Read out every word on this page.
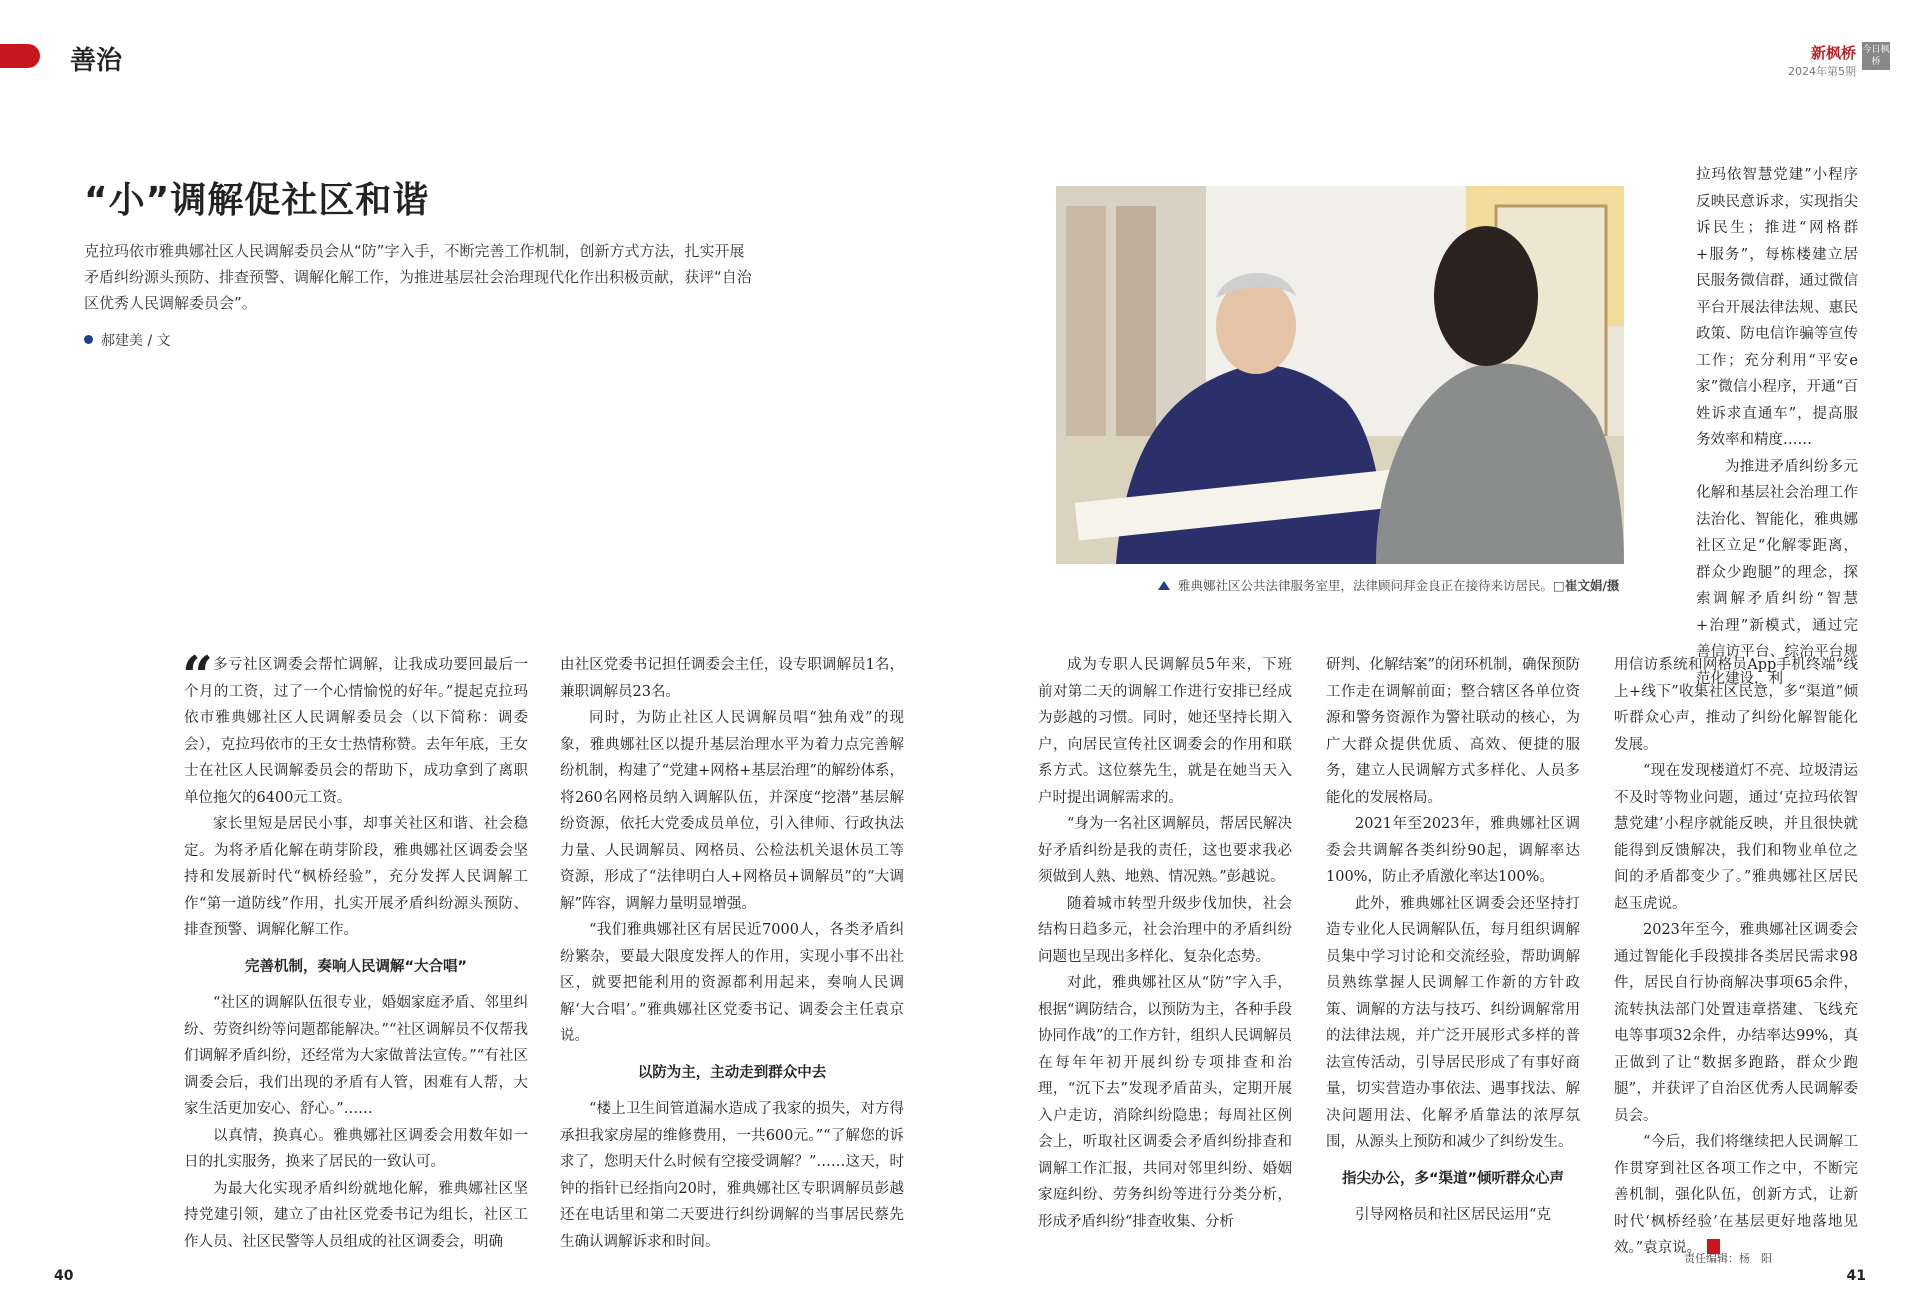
善治	新枫桥
2024年第5期
今日枫桥
“小”调解促社区和谐
克拉玛依市雅典娜社区人民调解委员会从“防”字入手，不断完善工作机制，创新方式方法，扎实开展矛盾纠纷源头预防、排查预警、调解化解工作，为推进基层社会治理现代化作出积极贡献，获评“自治区优秀人民调解委员会”。
郝建美 / 文
雅典娜社区公共法律服务室里，法律顾问拜金良正在接待来访居民。□崔文娟/摄
“ 多亏社区调委会帮忙调解，让我成功要回最后一个月的工资，过了一个心情愉悦的好年。”提起克拉玛依市雅典娜社区人民调解委员会（以下简称：调委会），克拉玛依市的王女士热情称赞。去年年底，王女士在社区人民调解委员会的帮助下，成功拿到了离职单位拖欠的6400元工资。

家长里短是居民小事，却事关社区和谐、社会稳定。为将矛盾化解在萌芽阶段，雅典娜社区调委会坚持和发展新时代“枫桥经验”，充分发挥人民调解工作“第一道防线”作用，扎实开展矛盾纠纷源头预防、排查预警、调解化解工作。

完善机制，奏响人民调解“大合唱”

“社区的调解队伍很专业，婚姻家庭矛盾、邻里纠纷、劳资纠纷等问题都能解决。”“社区调解员不仅帮我们调解矛盾纠纷，还经常为大家做普法宣传。”“有社区调委会后，我们出现的矛盾有人管，困难有人帮，大家生活更加安心、舒心。”……

以真情，换真心。雅典娜社区调委会用数年如一日的扎实服务，换来了居民的一致认可。

为最大化实现矛盾纠纷就地化解，雅典娜社区坚持党建引领，建立了由社区党委书记为组长，社区工作人员、社区民警等人员组成的社区调委会，明确

由社区党委书记担任调委会主任，设专职调解员1名，兼职调解员23名。

同时，为防止社区人民调解员唱“独角戏”的现象，雅典娜社区以提升基层治理水平为着力点完善解纷机制，构建了“党建+网格+基层治理”的解纷体系，将260名网格员纳入调解队伍，并深度“挖潜”基层解纷资源，依托大党委成员单位，引入律师、行政执法力量、人民调解员、网格员、公检法机关退休员工等资源，形成了“法律明白人+网格员+调解员”的“大调解”阵容，调解力量明显增强。

“我们雅典娜社区有居民近7000人，各类矛盾纠纷繁杂，要最大限度发挥人的作用，实现小事不出社区，就要把能利用的资源都利用起来，奏响人民调解‘大合唱’。”雅典娜社区党委书记、调委会主任袁京说。

以防为主，主动走到群众中去

“楼上卫生间管道漏水造成了我家的损失，对方得承担我家房屋的维修费用，一共600元。”“了解您的诉求了，您明天什么时候有空接受调解？”……这天，时钟的指针已经指向20时，雅典娜社区专职调解员彭越还在电话里和第二天要进行纠纷调解的当事居民蔡先生确认调解诉求和时间。

成为专职人民调解员5年来，下班前对第二天的调解工作进行安排已经成为彭越的习惯。同时，她还坚持长期入户，向居民宣传社区调委会的作用和联系方式。这位蔡先生，就是在她当天入户时提出调解需求的。

“身为一名社区调解员，帮居民解决好矛盾纠纷是我的责任，这也要求我必须做到人熟、地熟、情况熟。”彭越说。

随着城市转型升级步伐加快，社会结构日趋多元，社会治理中的矛盾纠纷问题也呈现出多样化、复杂化态势。

对此，雅典娜社区从“防”字入手，根据“调防结合，以预防为主，各种手段协同作战”的工作方针，组织人民调解员在每年年初开展纠纷专项排查和治理，“沉下去”发现矛盾苗头，定期开展入户走访，消除纠纷隐患；每周社区例会上，听取社区调委会矛盾纠纷排查和调解工作汇报，共同对邻里纠纷、婚姻家庭纠纷、劳务纠纷等进行分类分析，形成矛盾纠纷“排查收集、分析

研判、化解结案”的闭环机制，确保预防工作走在调解前面；整合辖区各单位资源和警务资源作为警社联动的核心，为广大群众提供优质、高效、便捷的服务，建立人民调解方式多样化、人员多能化的发展格局。

2021年至2023年，雅典娜社区调委会共调解各类纠纷90起，调解率达100%，防止矛盾激化率达100%。

此外，雅典娜社区调委会还坚持打造专业化人民调解队伍，每月组织调解员集中学习讨论和交流经验，帮助调解员熟练掌握人民调解工作新的方针政策、调解的方法与技巧、纠纷调解常用的法律法规，并广泛开展形式多样的普法宣传活动，引导居民形成了有事好商量，切实营造办事依法、遇事找法、解决问题用法、化解矛盾靠法的浓厚氛围，从源头上预防和减少了纠纷发生。

指尖办公，多“渠道”倾听群众心声

引导网格员和社区居民运用“克

拉玛依智慧党建”小程序反映民意诉求，实现指尖诉民生；推进“网格群+服务”，每栋楼建立居民服务微信群，通过微信平台开展法律法规、惠民政策、防电信诈骗等宣传工作；充分利用“平安e家”微信小程序，开通“百姓诉求直通车”，提高服务效率和精度……

为推进矛盾纠纷多元化解和基层社会治理工作法治化、智能化，雅典娜社区立足“化解零距离，群众少跑腿”的理念，探索调解矛盾纠纷“智慧+治理”新模式，通过完善信访平台、综治平台规范化建设，利

用信访系统和网格员App手机终端“线上+线下”收集社区民意，多“渠道”倾听群众心声，推动了纠纷化解智能化发展。

“现在发现楼道灯不亮、垃圾清运不及时等物业问题，通过‘克拉玛依智慧党建’小程序就能反映，并且很快就能得到反馈解决，我们和物业单位之间的矛盾都变少了。”雅典娜社区居民赵玉虎说。

2023年至今，雅典娜社区调委会通过智能化手段摸排各类居民需求98件，居民自行协商解决事项65余件，流转执法部门处置违章搭建、飞线充电等事项32余件，办结率达99%，真正做到了让“数据多跑路，群众少跑腿”，并获评了自治区优秀人民调解委员会。

“今后，我们将继续把人民调解工作贯穿到社区各项工作之中，不断完善机制，强化队伍，创新方式，让新时代‘枫桥经验’在基层更好地落地见效。”袁京说。

40	41
责任编辑：杨　阳
